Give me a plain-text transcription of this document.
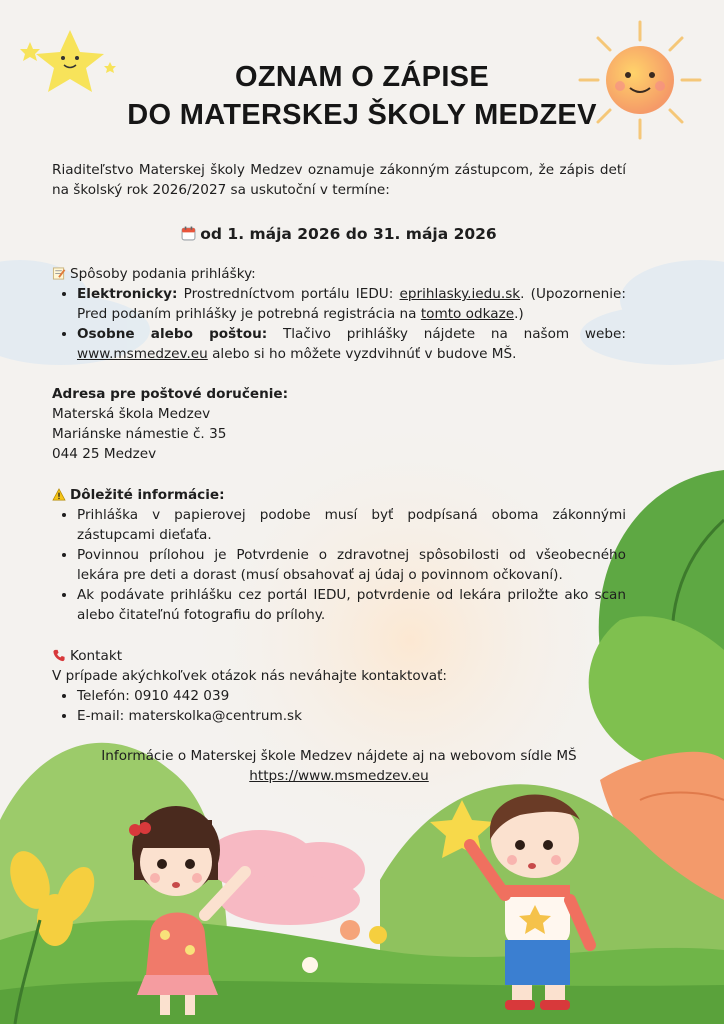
OZNAM O ZÁPISE
DO MATERSKEJ ŠKOLY MEDZEV

Riaditeľstvo Materskej školy Medzev oznamuje zákonným zástupcom, že zápis detí na školský rok 2026/2027 sa uskutoční v termíne:

od 1. mája 2026 do 31. mája 2026
Spôsoby podania prihlášky:
• Elektronicky: Prostredníctvom portálu IEDU: eprihlasky.iedu.sk. (Upozornenie: Pred podaním prihlášky je potrebná registrácia na tomto odkaze.)
• Osobne alebo poštou: Tlačivo prihlášky nájdete na našom webe: www.msmedzev.eu alebo si ho môžete vyzdvihnúť v budove MŠ.
Adresa pre poštové doručenie:
Materská škola Medzev
Mariánske námestie č. 35
044 25 Medzev
Dôležité informácie:
• Prihláška v papierovej podobe musí byť podpísaná oboma zákonnými zástupcami dieťaťa.
• Povinnou prílohou je Potvrdenie o zdravotnej spôsobilosti od všeobecného lekára pre deti a dorast (musí obsahovať aj údaj o povinnom očkovaní).
• Ak podávate prihlášku cez portál IEDU, potvrdenie od lekára priložte ako scan alebo čitateľnú fotografiu do prílohy.
Kontakt
V prípade akýchkoľvek otázok nás neváhajte kontaktovať:
• Telefón: 0910 442 039
• E-mail: materskolka@centrum.sk
Informácie o Materskej škole Medzev nájdete aj na webovom sídle MŠ
https://www.msmedzev.eu
